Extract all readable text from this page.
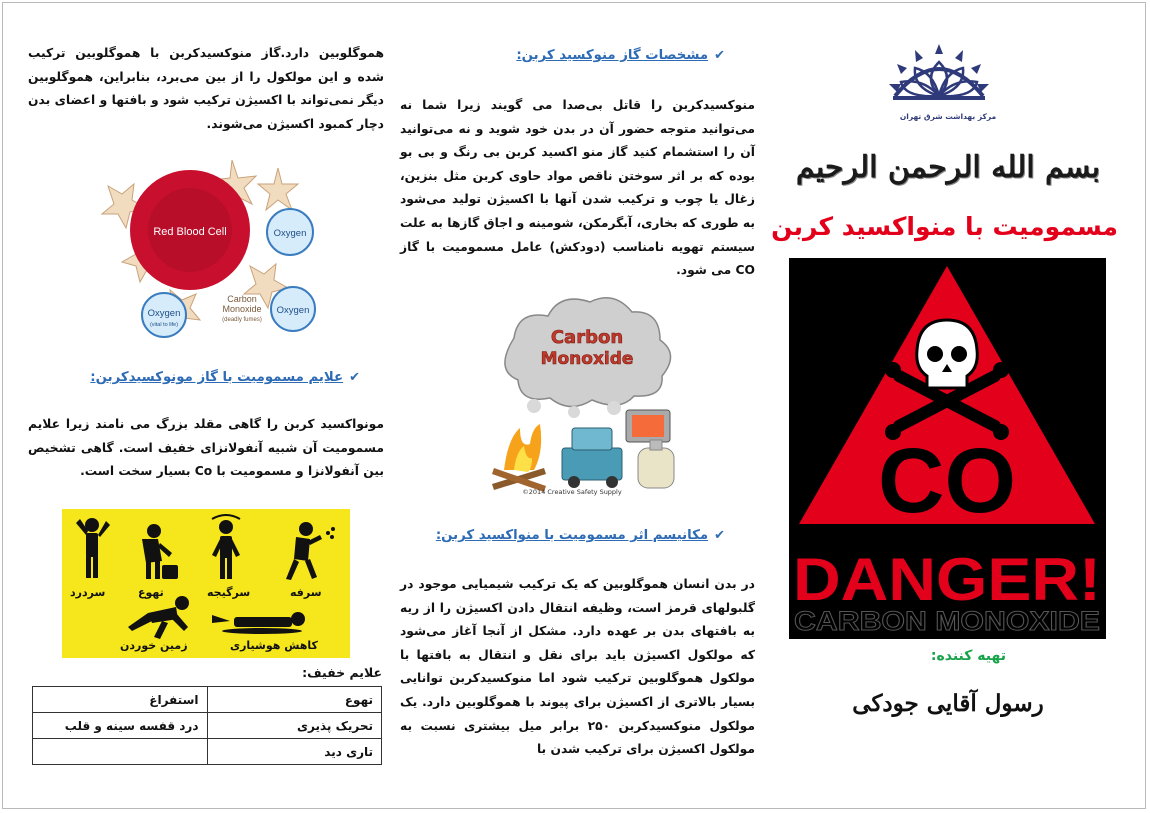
هموگلوبین دارد.گاز منوکسیدکربن با هموگلوبین ترکیب شده و این مولکول را از بین می‌برد، بنابراین، هموگلوبین دیگر نمی‌تواند با اکسیژن ترکیب شود و بافتها و اعضای بدن دچار کمبود اکسیژن می‌شوند.

Red Blood Cell	Oxygen
Oxygen
Oxygen
(vital to life)
Carbon
Monoxide
(deadly fumes)
✔علایم مسمومیت با گاز مونوکسیدکربن:

مونواکسید کربن را گاهی مقلد بزرگ می نامند زیرا علایم مسمومیت آن شبیه آنفولانزای خفیف است. گاهی تشخیص بین آنفولانزا و مسمومیت با Co بسیار سخت است.

سردرد	تهوع	سرگیجه	سرفه
زمین خوردن	کاهش هوشیاری
علایم خفیف:
تهوع	استفراغ
تحریک پذیری	درد قفسه سینه و قلب
تاری دید	
✔مشخصات گاز منوکسید کربن:

منوکسیدکربن را قاتل بی‌صدا می گویند زیرا شما نه می‌توانید متوجه حضور آن در بدن خود شوید و نه می‌توانید آن را استشمام کنید گاز منو اکسید کربن بی رنگ و بی بو بوده که بر اثر سوختن ناقص مواد حاوی کربن مثل بنزین، زغال یا چوب و ترکیب شدن آنها با اکسیژن تولید می‌شود به طوری که بخاری، آبگرمکن، شومینه و اجاق گازها به علت سیستم تهویه نامناسب (دودکش) عامل مسمومیت با گاز CO می شود.

Carbon
Monoxide
©2014 Creative Safety Supply
✔مکانیسم اثر مسمومیت با منواکسید کربن:

در بدن انسان هموگلوبین که یک ترکیب شیمیایی موجود در گلبولهای قرمز است، وظیفه انتقال دادن اکسیژن را از ریه به بافتهای بدن بر عهده دارد. مشکل از آنجا آغاز می‌شود که مولکول اکسیژن باید برای نقل و انتقال به بافتها با مولکول هموگلوبین ترکیب شود اما منوکسیدکربن توانایی بسیار بالاتری از اکسیژن برای پیوند با هموگلوبین دارد. یک مولکول منوکسیدکربن ۲۵۰ برابر میل بیشتری نسبت به مولکول اکسیژن برای ترکیب شدن با

مرکز بهداشت شرق تهران
بسم الله الرحمن الرحیم
مسمومیت با منواکسید کربن
CO
DANGER!
CARBON MONOXIDE
تهیه کننده:
رسول آقایی جودکی
